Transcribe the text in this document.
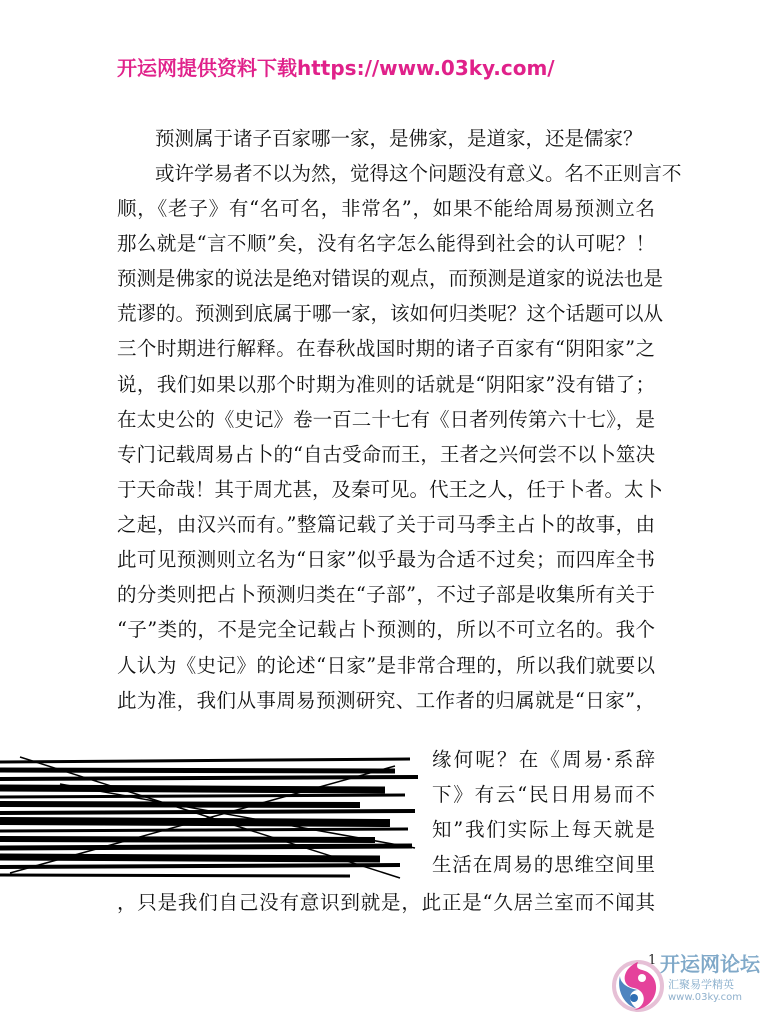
开运网提供资料下载https://www.03ky.com/
预测属于诸子百家哪一家，是佛家，是道家，还是儒家？
或许学易者不以为然，觉得这个问题没有意义。名不正则言不
顺，《老子》有“名可名，非常名”，如果不能给周易预测立名
那么就是“言不顺”矣，没有名字怎么能得到社会的认可呢？！
预测是佛家的说法是绝对错误的观点，而预测是道家的说法也是
荒谬的。预测到底属于哪一家，该如何归类呢？这个话题可以从
三个时期进行解释。在春秋战国时期的诸子百家有“阴阳家”之
说，我们如果以那个时期为准则的话就是“阴阳家”没有错了；
在太史公的《史记》卷一百二十七有《日者列传第六十七》，是
专门记载周易占卜的“自古受命而王，王者之兴何尝不以卜筮决
于天命哉！其于周尤甚，及秦可见。代王之人，任于卜者。太卜
之起，由汉兴而有。”整篇记载了关于司马季主占卜的故事，由
此可见预测则立名为“日家”似乎最为合适不过矣；而四库全书
的分类则把占卜预测归类在“子部”，不过子部是收集所有关于
“子”类的，不是完全记载占卜预测的，所以不可立名的。我个
人认为《史记》的论述“日家”是非常合理的，所以我们就要以
此为准，我们从事周易预测研究、工作者的归属就是“日家”，
缘何呢？在《周易·系辞
下》有云“民日用易而不
知”我们实际上每天就是
生活在周易的思维空间里
，只是我们自己没有意识到就是，此正是“久居兰室而不闻其
1 开运网论坛
汇聚易学精英
www.03ky.com
